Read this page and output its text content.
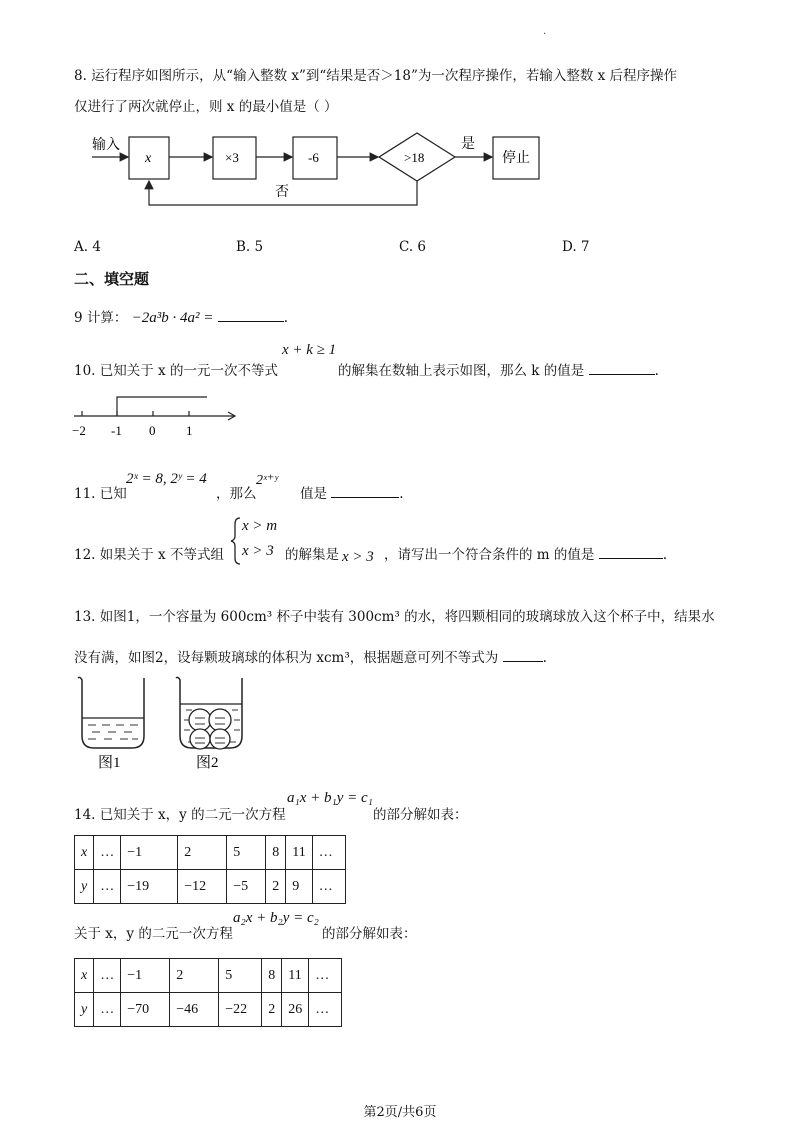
.
8. 运行程序如图所示，从“输入整数 x”到“结果是否＞18”为一次程序操作，若输入整数 x 后程序操作
仅进行了两次就停止，则 x 的最小值是（ ）
输入
x	×3	-6	>18
是
停止
否
A. 4	B. 5	C. 6	D. 7
二、填空题
9 计算： −2a³b · 4a² =	.
10. 已知关于 x 的一元一次不等式
x + k ≥ 1
的解集在数轴上表示如图，那么 k 的值是	.
−2 -1 0 1
11. 已知
2ˣ = 8, 2ʸ = 4
，那么
2ˣ⁺ʸ
值是	.
12. 如果关于 x 不等式组
x > m
x > 3 的解集是 x > 3 ，请写出一个符合条件的 m 的值是	.
13. 如图1，一个容量为 600cm³ 杯子中装有 300cm³ 的水，将四颗相同的玻璃球放入这个杯子中，结果水
没有满，如图2，设每颗玻璃球的体积为 xcm³，根据题意可列不等式为	.
图1	图2
14. 已知关于 x，y 的二元一次方程
a₁x + b₁y = c₁
的部分解如表：
x	…	−1	2	5	8	11	…
y	…	−19	−12	−5	2	9	…
关于 x，y 的二元一次方程
a₂x + b₂y = c₂
的部分解如表：
x	…	−1	2	5	8	11	…
y	…	−70	−46	−22	2	26	…
第2页/共6页
